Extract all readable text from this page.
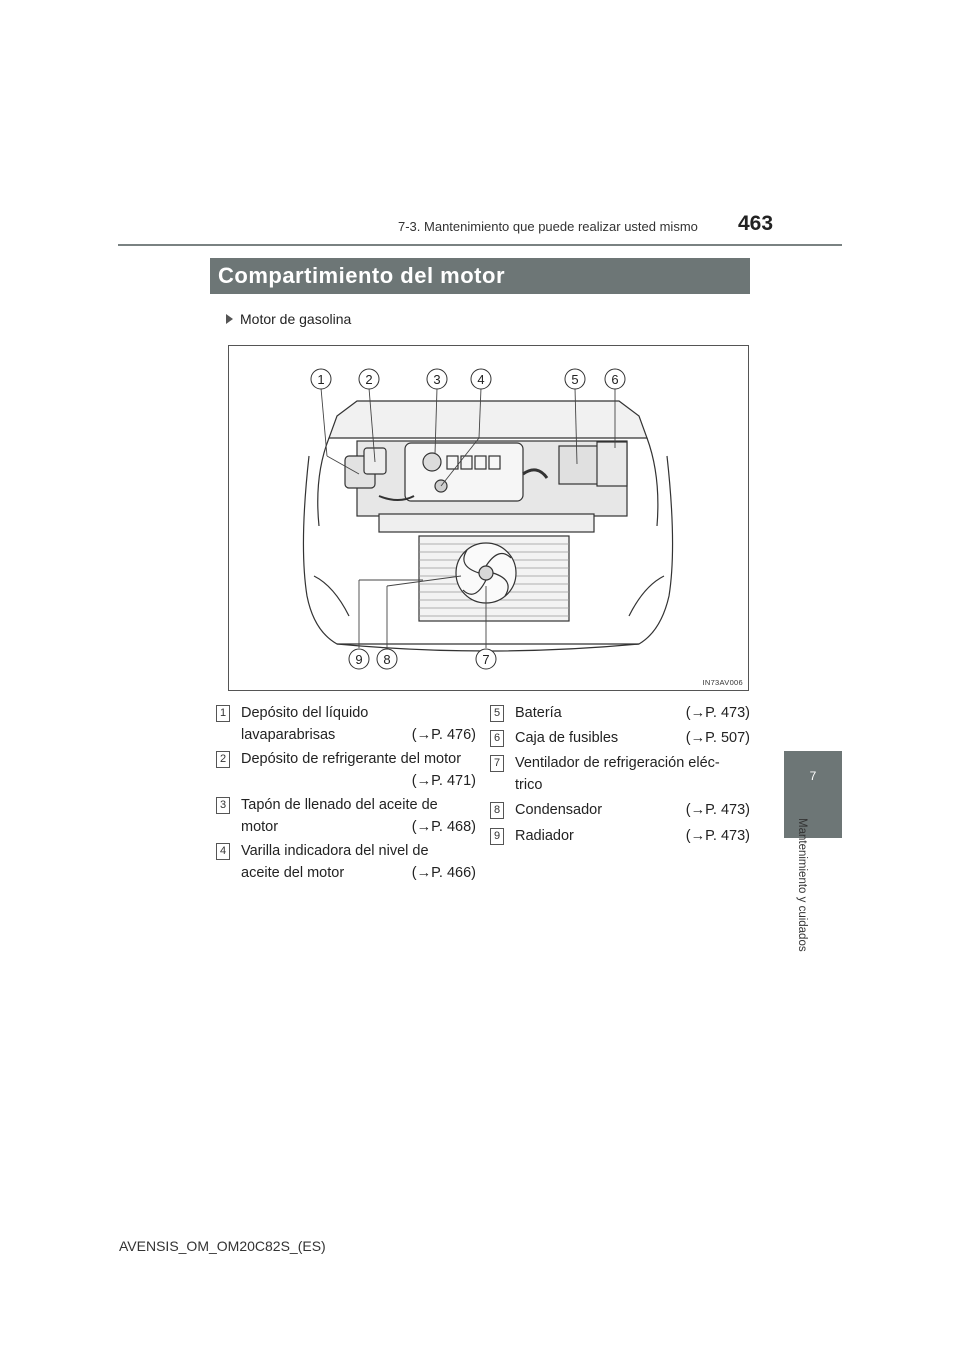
7-3. Mantenimiento que puede realizar usted mismo 463
7
Mantenimiento y cuidados
Compartimiento del motor
Motor de gasolina
1	2	3	4	5	6
7
8
9
IN73AV006
1 Depósito del líquido
lavaparabrisas	(→P. 476)
2 Depósito de refrigerante del motor
(→P. 471)
3 Tapón de llenado del aceite de
motor	(→P. 468)
4 Varilla indicadora del nivel de
aceite del motor	(→P. 466)
5 Batería	(→P. 473)
6 Caja de fusibles	(→P. 507)
7 Ventilador de refrigeración eléc-
trico
8 Condensador	(→P. 473)
9 Radiador	(→P. 473)
AVENSIS_OM_OM20C82S_(ES)
